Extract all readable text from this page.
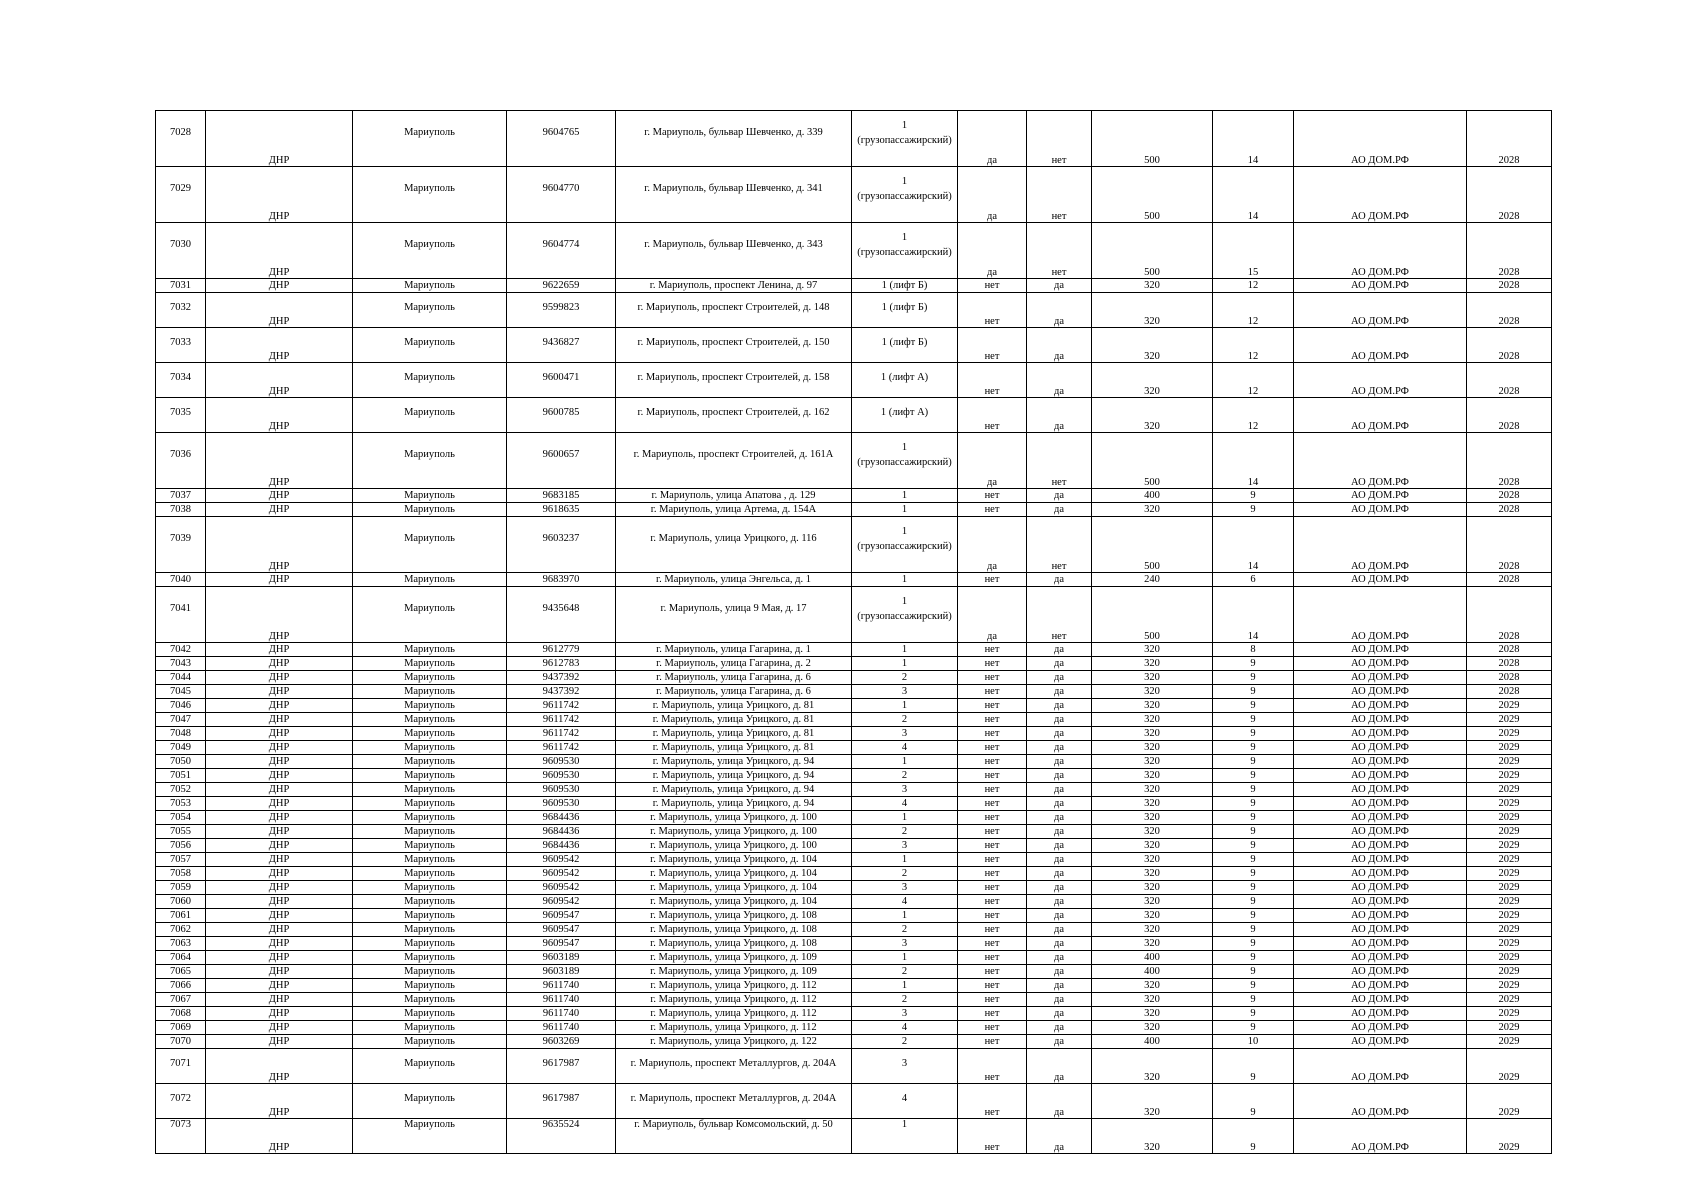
7028	ДНР	Мариуполь	9604765	г. Мариуполь, бульвар Шевченко, д. 339	1 (грузопассажирский)	да	нет	500	14	АО ДОМ.РФ	2028
7029	ДНР	Мариуполь	9604770	г. Мариуполь, бульвар Шевченко, д. 341	1 (грузопассажирский)	да	нет	500	14	АО ДОМ.РФ	2028
7030	ДНР	Мариуполь	9604774	г. Мариуполь, бульвар Шевченко, д. 343	1 (грузопассажирский)	да	нет	500	15	АО ДОМ.РФ	2028
7031	ДНР	Мариуполь	9622659	г. Мариуполь, проспект Ленина, д. 97	1 (лифт Б)	нет	да	320	12	АО ДОМ.РФ	2028
7032	ДНР	Мариуполь	9599823	г. Мариуполь, проспект Строителей, д. 148	1 (лифт Б)	нет	да	320	12	АО ДОМ.РФ	2028
7033	ДНР	Мариуполь	9436827	г. Мариуполь, проспект Строителей, д. 150	1 (лифт Б)	нет	да	320	12	АО ДОМ.РФ	2028
7034	ДНР	Мариуполь	9600471	г. Мариуполь, проспект Строителей, д. 158	1 (лифт А)	нет	да	320	12	АО ДОМ.РФ	2028
7035	ДНР	Мариуполь	9600785	г. Мариуполь, проспект Строителей, д. 162	1 (лифт А)	нет	да	320	12	АО ДОМ.РФ	2028
7036	ДНР	Мариуполь	9600657	г. Мариуполь, проспект Строителей, д. 161А	1 (грузопассажирский)	да	нет	500	14	АО ДОМ.РФ	2028
7037	ДНР	Мариуполь	9683185	г. Мариуполь, улица Апатова , д. 129	1	нет	да	400	9	АО ДОМ.РФ	2028
7038	ДНР	Мариуполь	9618635	г. Мариуполь, улица Артема, д. 154А	1	нет	да	320	9	АО ДОМ.РФ	2028
7039	ДНР	Мариуполь	9603237	г. Мариуполь, улица Урицкого, д. 116	1 (грузопассажирский)	да	нет	500	14	АО ДОМ.РФ	2028
7040	ДНР	Мариуполь	9683970	г. Мариуполь, улица Энгельса, д. 1	1	нет	да	240	6	АО ДОМ.РФ	2028
7041	ДНР	Мариуполь	9435648	г. Мариуполь, улица 9 Мая, д. 17	1 (грузопассажирский)	да	нет	500	14	АО ДОМ.РФ	2028
7042	ДНР	Мариуполь	9612779	г. Мариуполь, улица Гагарина, д. 1	1	нет	да	320	8	АО ДОМ.РФ	2028
7043	ДНР	Мариуполь	9612783	г. Мариуполь, улица Гагарина, д. 2	1	нет	да	320	9	АО ДОМ.РФ	2028
7044	ДНР	Мариуполь	9437392	г. Мариуполь, улица Гагарина, д. 6	2	нет	да	320	9	АО ДОМ.РФ	2028
7045	ДНР	Мариуполь	9437392	г. Мариуполь, улица Гагарина, д. 6	3	нет	да	320	9	АО ДОМ.РФ	2028
7046	ДНР	Мариуполь	9611742	г. Мариуполь, улица Урицкого, д. 81	1	нет	да	320	9	АО ДОМ.РФ	2029
7047	ДНР	Мариуполь	9611742	г. Мариуполь, улица Урицкого, д. 81	2	нет	да	320	9	АО ДОМ.РФ	2029
7048	ДНР	Мариуполь	9611742	г. Мариуполь, улица Урицкого, д. 81	3	нет	да	320	9	АО ДОМ.РФ	2029
7049	ДНР	Мариуполь	9611742	г. Мариуполь, улица Урицкого, д. 81	4	нет	да	320	9	АО ДОМ.РФ	2029
7050	ДНР	Мариуполь	9609530	г. Мариуполь, улица Урицкого, д. 94	1	нет	да	320	9	АО ДОМ.РФ	2029
7051	ДНР	Мариуполь	9609530	г. Мариуполь, улица Урицкого, д. 94	2	нет	да	320	9	АО ДОМ.РФ	2029
7052	ДНР	Мариуполь	9609530	г. Мариуполь, улица Урицкого, д. 94	3	нет	да	320	9	АО ДОМ.РФ	2029
7053	ДНР	Мариуполь	9609530	г. Мариуполь, улица Урицкого, д. 94	4	нет	да	320	9	АО ДОМ.РФ	2029
7054	ДНР	Мариуполь	9684436	г. Мариуполь, улица Урицкого, д. 100	1	нет	да	320	9	АО ДОМ.РФ	2029
7055	ДНР	Мариуполь	9684436	г. Мариуполь, улица Урицкого, д. 100	2	нет	да	320	9	АО ДОМ.РФ	2029
7056	ДНР	Мариуполь	9684436	г. Мариуполь, улица Урицкого, д. 100	3	нет	да	320	9	АО ДОМ.РФ	2029
7057	ДНР	Мариуполь	9609542	г. Мариуполь, улица Урицкого, д. 104	1	нет	да	320	9	АО ДОМ.РФ	2029
7058	ДНР	Мариуполь	9609542	г. Мариуполь, улица Урицкого, д. 104	2	нет	да	320	9	АО ДОМ.РФ	2029
7059	ДНР	Мариуполь	9609542	г. Мариуполь, улица Урицкого, д. 104	3	нет	да	320	9	АО ДОМ.РФ	2029
7060	ДНР	Мариуполь	9609542	г. Мариуполь, улица Урицкого, д. 104	4	нет	да	320	9	АО ДОМ.РФ	2029
7061	ДНР	Мариуполь	9609547	г. Мариуполь, улица Урицкого, д. 108	1	нет	да	320	9	АО ДОМ.РФ	2029
7062	ДНР	Мариуполь	9609547	г. Мариуполь, улица Урицкого, д. 108	2	нет	да	320	9	АО ДОМ.РФ	2029
7063	ДНР	Мариуполь	9609547	г. Мариуполь, улица Урицкого, д. 108	3	нет	да	320	9	АО ДОМ.РФ	2029
7064	ДНР	Мариуполь	9603189	г. Мариуполь, улица Урицкого, д. 109	1	нет	да	400	9	АО ДОМ.РФ	2029
7065	ДНР	Мариуполь	9603189	г. Мариуполь, улица Урицкого, д. 109	2	нет	да	400	9	АО ДОМ.РФ	2029
7066	ДНР	Мариуполь	9611740	г. Мариуполь, улица Урицкого, д. 112	1	нет	да	320	9	АО ДОМ.РФ	2029
7067	ДНР	Мариуполь	9611740	г. Мариуполь, улица Урицкого, д. 112	2	нет	да	320	9	АО ДОМ.РФ	2029
7068	ДНР	Мариуполь	9611740	г. Мариуполь, улица Урицкого, д. 112	3	нет	да	320	9	АО ДОМ.РФ	2029
7069	ДНР	Мариуполь	9611740	г. Мариуполь, улица Урицкого, д. 112	4	нет	да	320	9	АО ДОМ.РФ	2029
7070	ДНР	Мариуполь	9603269	г. Мариуполь, улица Урицкого, д. 122	2	нет	да	400	10	АО ДОМ.РФ	2029
7071	ДНР	Мариуполь	9617987	г. Мариуполь, проспект Металлургов, д. 204А	3	нет	да	320	9	АО ДОМ.РФ	2029
7072	ДНР	Мариуполь	9617987	г. Мариуполь, проспект Металлургов, д. 204А	4	нет	да	320	9	АО ДОМ.РФ	2029
7073	ДНР	Мариуполь	9635524	г. Мариуполь, бульвар Комсомольский, д. 50	1	нет	да	320	9	АО ДОМ.РФ	2029
